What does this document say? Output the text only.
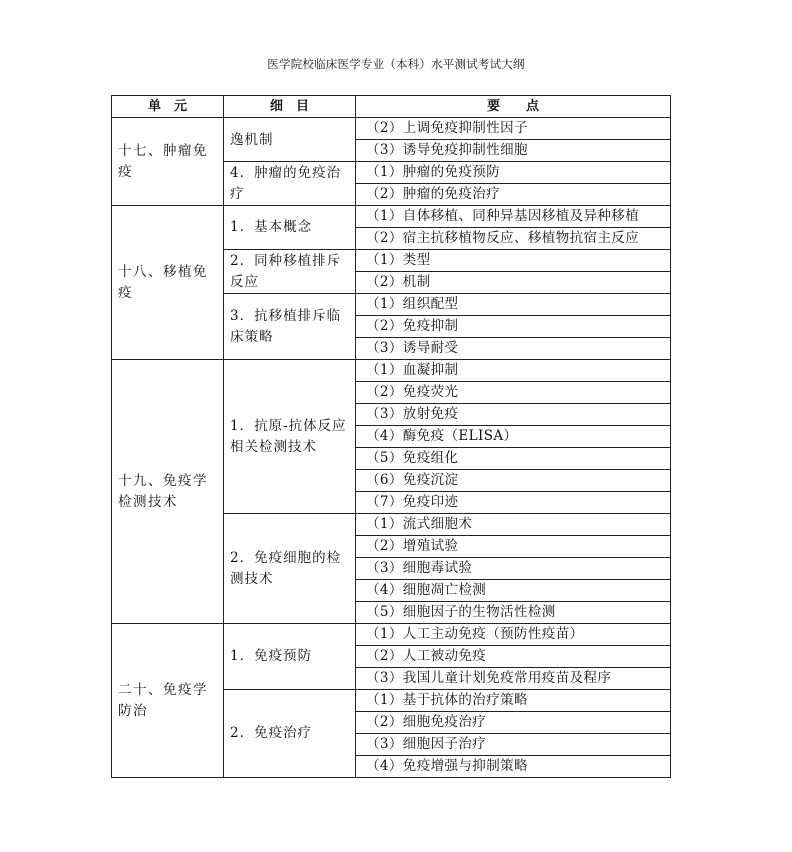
医学院校临床医学专业（本科）水平测试考试大纲
单　元	细　目	要　　点
十七、肿瘤免疫	逸机制	（2）上调免疫抑制性因子
		（3）诱导免疫抑制性细胞
	4．肿瘤的免疫治疗	（1）肿瘤的免疫预防
		（2）肿瘤的免疫治疗
十八、移植免疫	1．基本概念	（1）自体移植、同种异基因移植及异种移植
		（2）宿主抗移植物反应、移植物抗宿主反应
	2．同种移植排斥反应	（1）类型
		（2）机制
	3．抗移植排斥临床策略	（1）组织配型
		（2）免疫抑制
		（3）诱导耐受
十九、免疫学检测技术	1．抗原-抗体反应相关检测技术	（1）血凝抑制
		（2）免疫荧光
		（3）放射免疫
		（4）酶免疫（ELISA）
		（5）免疫组化
		（6）免疫沉淀
		（7）免疫印迹
	2．免疫细胞的检测技术	（1）流式细胞术
		（2）增殖试验
		（3）细胞毒试验
		（4）细胞凋亡检测
		（5）细胞因子的生物活性检测
二十、免疫学防治	1．免疫预防	（1）人工主动免疫（预防性疫苗）
		（2）人工被动免疫
		（3）我国儿童计划免疫常用疫苗及程序
	2．免疫治疗	（1）基于抗体的治疗策略
		（2）细胞免疫治疗
		（3）细胞因子治疗
		（4）免疫增强与抑制策略
